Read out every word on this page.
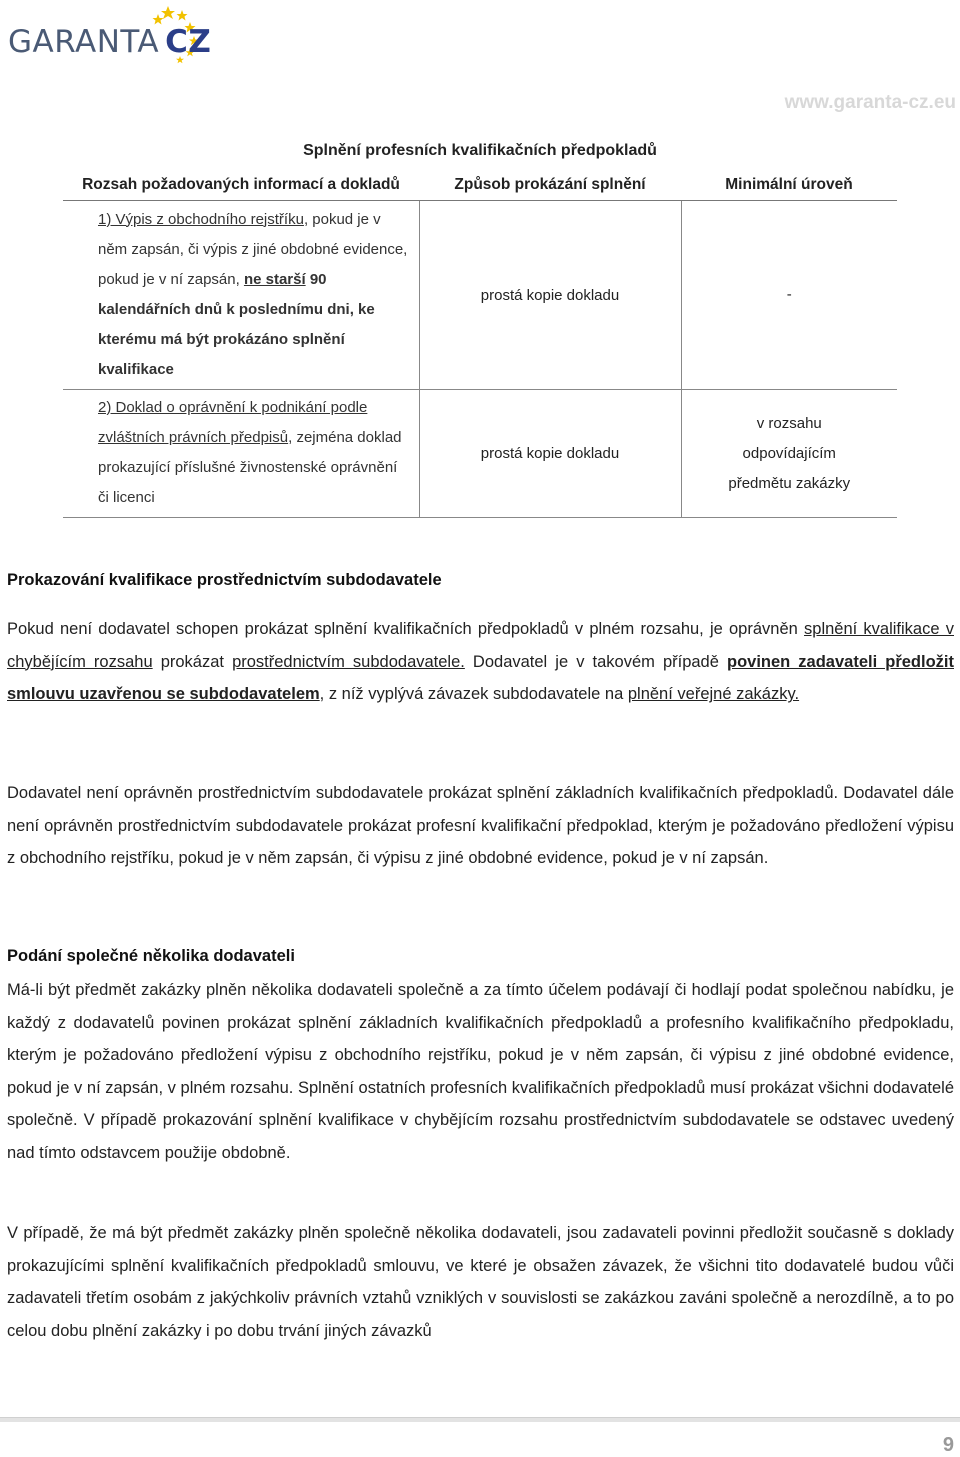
GARANTA CZ
www.garanta-cz.eu
Splnění profesních kvalifikačních předpokladů
Rozsah požadovaných informací a dokladů	Způsob prokázání splnění	Minimální úroveň
1) Výpis z obchodního rejstříku, pokud je v něm zapsán, či výpis z jiné obdobné evidence, pokud je v ní zapsán, ne starší 90 kalendářních dnů k poslednímu dni, ke kterému má být prokázáno splnění kvalifikace	prostá kopie dokladu	-
2) Doklad o oprávnění k podnikání podle zvláštních právních předpisů, zejména doklad prokazující příslušné živnostenské oprávnění či licenci	prostá kopie dokladu	v rozsahu odpovídajícím předmětu zakázky
Prokazování kvalifikace prostřednictvím subdodavatele
Pokud není dodavatel schopen prokázat splnění kvalifikačních předpokladů v plném rozsahu, je oprávněn splnění kvalifikace v chybějícím rozsahu prokázat prostřednictvím subdodavatele. Dodavatel je v takovém případě povinen zadavateli předložit smlouvu uzavřenou se subdodavatelem, z níž vyplývá závazek subdodavatele na plnění veřejné zakázky.
Dodavatel není oprávněn prostřednictvím subdodavatele prokázat splnění základních kvalifikačních předpokladů. Dodavatel dále není oprávněn prostřednictvím subdodavatele prokázat profesní kvalifikační předpoklad, kterým je požadováno předložení výpisu z obchodního rejstříku, pokud je v něm zapsán, či výpisu z jiné obdobné evidence, pokud je v ní zapsán.
Podání společné několika dodavateli
Má-li být předmět zakázky plněn několika dodavateli společně a za tímto účelem podávají či hodlají podat společnou nabídku, je každý z dodavatelů povinen prokázat splnění základních kvalifikačních předpokladů a profesního kvalifikačního předpokladu, kterým je požadováno předložení výpisu z obchodního rejstříku, pokud je v něm zapsán, či výpisu z jiné obdobné evidence, pokud je v ní zapsán, v plném rozsahu. Splnění ostatních profesních kvalifikačních předpokladů musí prokázat všichni dodavatelé společně. V případě prokazování splnění kvalifikace v chybějícím rozsahu prostřednictvím subdodavatele se odstavec uvedený nad tímto odstavcem použije obdobně.
V případě, že má být předmět zakázky plněn společně několika dodavateli, jsou zadavateli povinni předložit současně s doklady prokazujícími splnění kvalifikačních předpokladů smlouvu, ve které je obsažen závazek, že všichni tito dodavatelé budou vůči zadavateli třetím osobám z jakýchkoliv právních vztahů vzniklých v souvislosti se zakázkou zaváni společně a nerozdílně, a to po celou dobu plnění zakázky i po dobu trvání jiných závazků
9
